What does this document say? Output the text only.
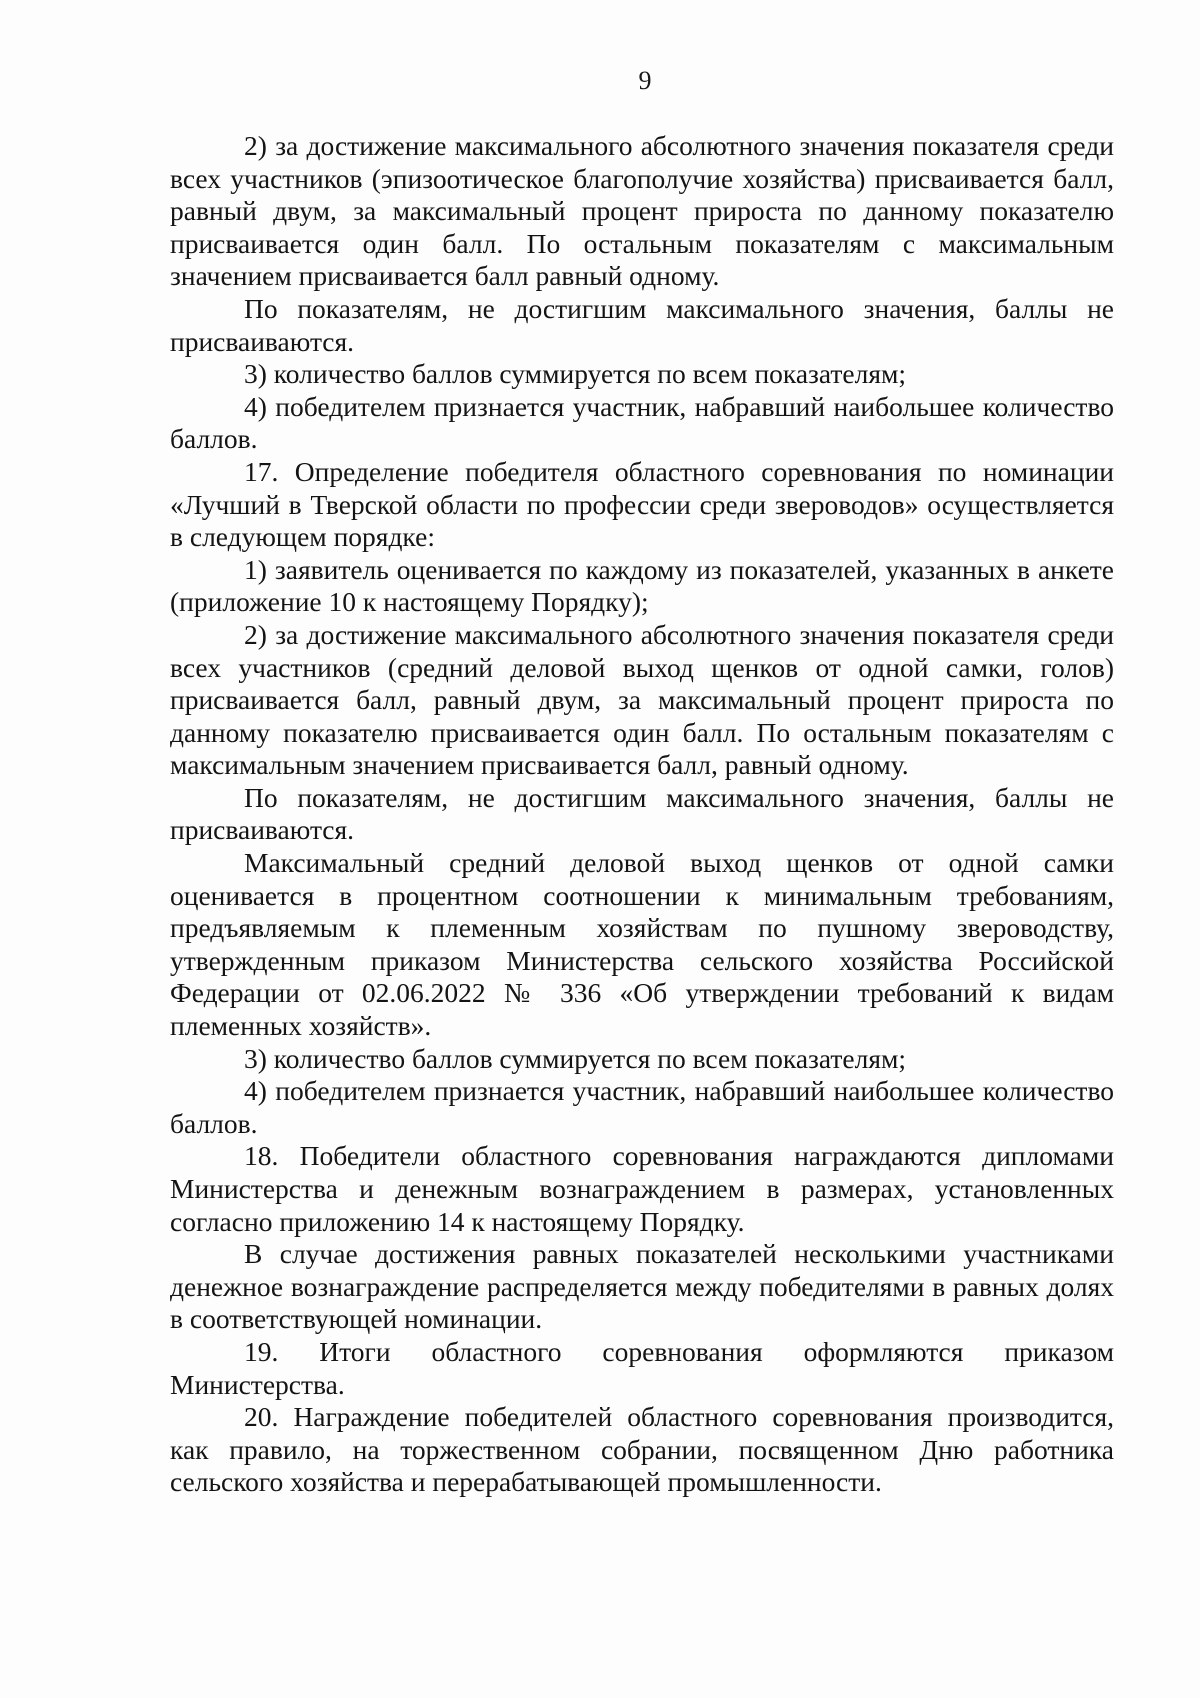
9

2) за достижение максимального абсолютного значения показателя среди всех участников (эпизоотическое благополучие хозяйства) присваивается балл, равный двум, за максимальный процент прироста по данному показателю присваивается один балл. По остальным показателям с максимальным значением присваивается балл равный одному.

По показателям, не достигшим максимального значения, баллы не присваиваются.

3) количество баллов суммируется по всем показателям;

4) победителем признается участник, набравший наибольшее количество баллов.

17. Определение победителя областного соревнования по номинации «Лучший в Тверской области по профессии среди звероводов» осуществляется в следующем порядке:

1) заявитель оценивается по каждому из показателей, указанных в анкете (приложение 10 к настоящему Порядку);

2) за достижение максимального абсолютного значения показателя среди всех участников (средний деловой выход щенков от одной самки, голов) присваивается балл, равный двум, за максимальный процент прироста по данному показателю присваивается один балл. По остальным показателям с максимальным значением присваивается балл, равный одному.

По показателям, не достигшим максимального значения, баллы не присваиваются.

Максимальный средний деловой выход щенков от одной самки оценивается в процентном соотношении к минимальным требованиям, предъявляемым к племенным хозяйствам по пушному звероводству, утвержденным приказом Министерства сельского хозяйства Российской Федерации от 02.06.2022 № 336 «Об утверждении требований к видам племенных хозяйств».

3) количество баллов суммируется по всем показателям;

4) победителем признается участник, набравший наибольшее количество баллов.

18. Победители областного соревнования награждаются дипломами Министерства и денежным вознаграждением в размерах, установленных согласно приложению 14 к настоящему Порядку.

В случае достижения равных показателей несколькими участниками денежное вознаграждение распределяется между победителями в равных долях в соответствующей номинации.

19. Итоги областного соревнования оформляются приказом Министерства.

20. Награждение победителей областного соревнования производится, как правило, на торжественном собрании, посвященном Дню работника сельского хозяйства и перерабатывающей промышленности.
